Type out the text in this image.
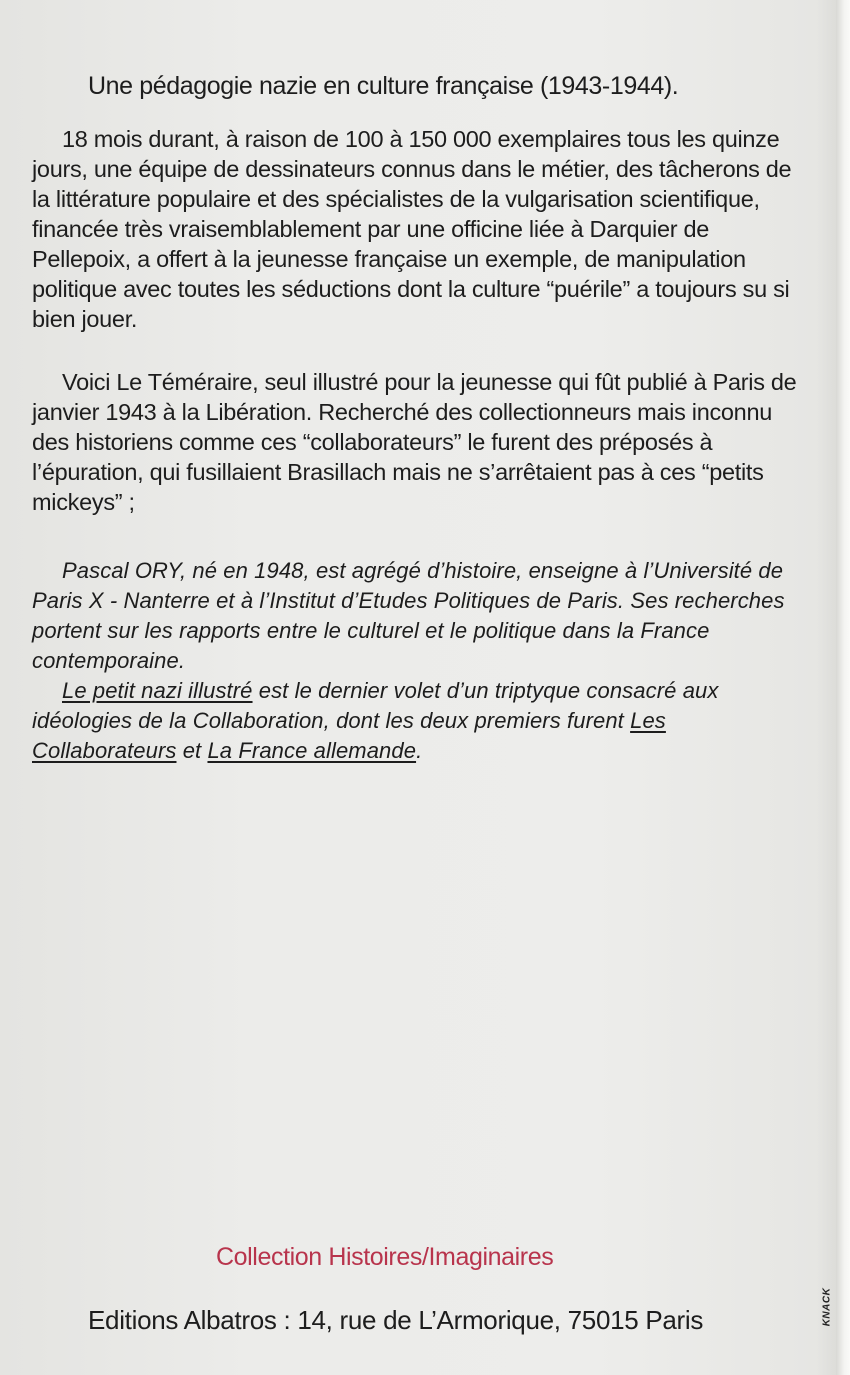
Une pédagogie nazie en culture française (1943-1944).

18 mois durant, à raison de 100 à 150 000 exemplaires tous les quinze jours, une équipe de dessinateurs connus dans le métier, des tâcherons de la littérature populaire et des spécialistes de la vulgarisation scientifique, financée très vraisemblablement par une officine liée à Darquier de Pellepoix, a offert à la jeunesse française un exemple, de manipulation politique avec toutes les séductions dont la culture “puérile” a toujours su si bien jouer.

Voici Le Téméraire, seul illustré pour la jeunesse qui fût publié à Paris de janvier 1943 à la Libération. Recherché des collectionneurs mais inconnu des historiens comme ces “collaborateurs” le furent des préposés à l’épuration, qui fusillaient Brasillach mais ne s’arrêtaient pas à ces “petits mickeys” ;

Pascal ORY, né en 1948, est agrégé d’histoire, enseigne à l’Université de Paris X - Nanterre et à l’Institut d’Etudes Politiques de Paris. Ses recherches portent sur les rapports entre le culturel et le politique dans la France contemporaine.

Le petit nazi illustré est le dernier volet d’un triptyque consacré aux idéologies de la Collaboration, dont les deux premiers furent Les Collaborateurs et La France allemande.

Collection Histoires/Imaginaires

Editions Albatros : 14, rue de L’Armorique, 75015 Paris	KNACK
